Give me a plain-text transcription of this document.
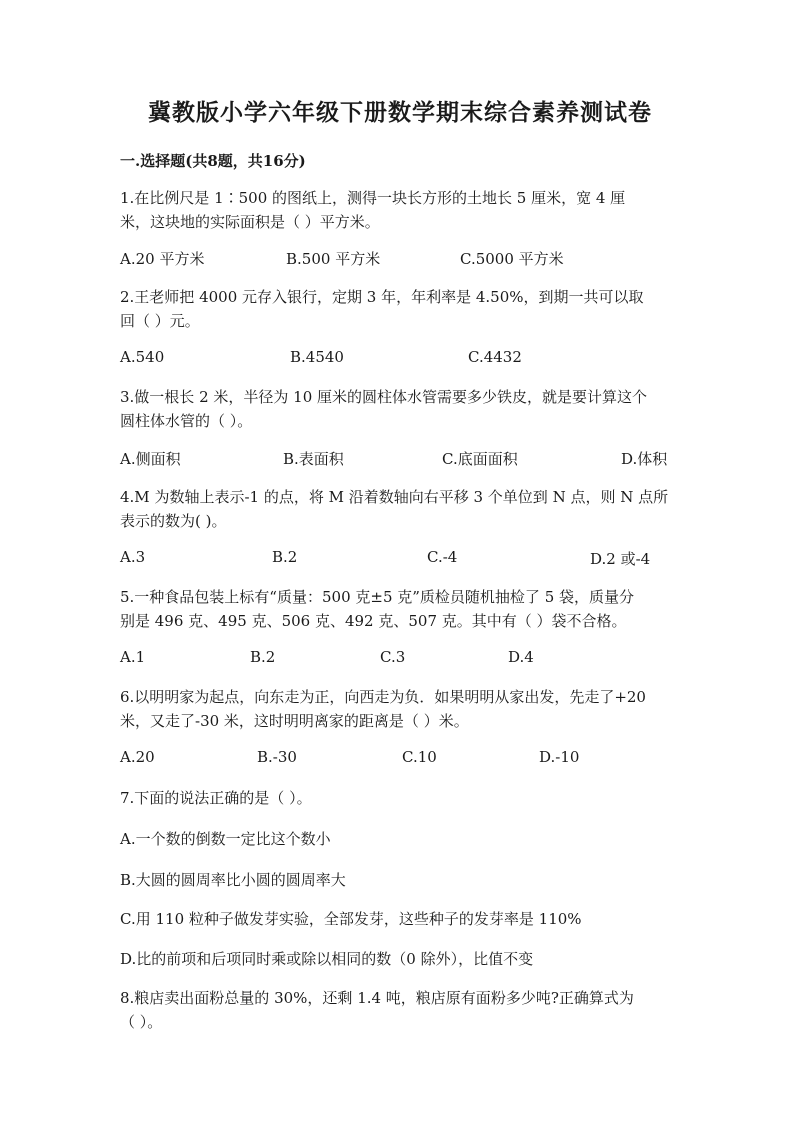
冀教版小学六年级下册数学期末综合素养测试卷
一.选择题(共8题，共16分)
1.在比例尺是 1∶500 的图纸上，测得一块长方形的土地长 5 厘米，宽 4 厘
米，这块地的实际面积是（ ）平方米。
A.20 平方米	B.500 平方米	C.5000 平方米
2.王老师把 4000 元存入银行，定期 3 年，年利率是 4.50%，到期一共可以取
回（ ）元。
A.540	B.4540	C.4432
3.做一根长 2 米，半径为 10 厘米的圆柱体水管需要多少铁皮，就是要计算这个
圆柱体水管的（ ）。
A.侧面积	B.表面积	C.底面面积	D.体积
4.M 为数轴上表示-1 的点，将 M 沿着数轴向右平移 3 个单位到 N 点，则 N 点所
表示的数为( )。
A.3	B.2	C.-4	D.2 或-4
5.一种食品包装上标有“质量：500 克±5 克”质检员随机抽检了 5 袋，质量分
别是 496 克、495 克、506 克、492 克、507 克。其中有（ ）袋不合格。
A.1	B.2	C.3	D.4
6.以明明家为起点，向东走为正，向西走为负．如果明明从家出发，先走了+20
米，又走了-30 米，这时明明离家的距离是（ ）米。
A.20	B.-30	C.10	D.-10
7.下面的说法正确的是（ ）。
A.一个数的倒数一定比这个数小
B.大圆的圆周率比小圆的圆周率大
C.用 110 粒种子做发芽实验，全部发芽，这些种子的发芽率是 110%
D.比的前项和后项同时乘或除以相同的数（0 除外），比值不变
8.粮店卖出面粉总量的 30%，还剩 1.4 吨，粮店原有面粉多少吨?正确算式为
（ ）。
